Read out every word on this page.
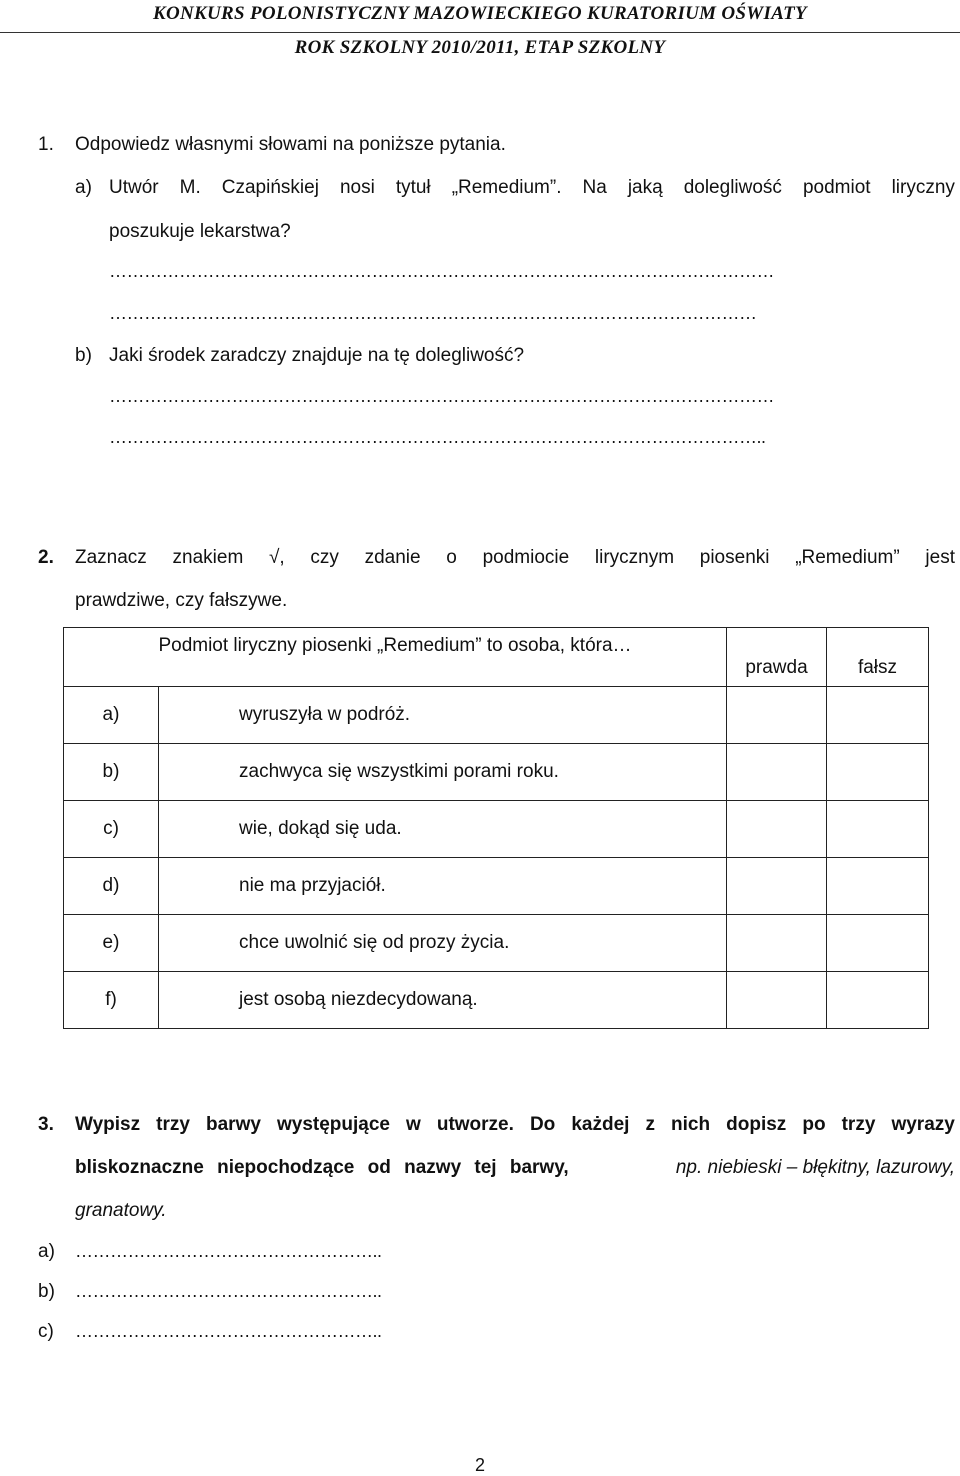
KONKURS POLONISTYCZNY MAZOWIECKIEGO KURATORIUM OŚWIATY
ROK SZKOLNY 2010/2011, ETAP SZKOLNY
1. Odpowiedz własnymi słowami na poniższe pytania.
a) Utwór M. Czapińskiej nosi tytuł „Remedium”. Na jaką dolegliwość podmiot liryczny
poszukuje lekarstwa?
……………………………………………………………………………………………………
…………………………………………………………………………………………………
b) Jaki środek zaradczy znajduje na tę dolegliwość?
……………………………………………………………………………………………………
…………………………………………………………………………………………………..
2. Zaznacz znakiem √, czy zdanie o podmiocie lirycznym piosenki „Remedium” jest
prawdziwe, czy fałszywe.
Podmiot liryczny piosenki „Remedium” to osoba, która…		prawda	fałsz

a)	wyruszyła w podróż.		
b)	zachwyca się wszystkimi porami roku.		
c)	wie, dokąd się uda.		
d)	nie ma przyjaciół.		
e)	chce uwolnić się od prozy życia.		
f)	jest osobą niezdecydowaną.		
3. Wypisz trzy barwy występujące w utworze. Do każdej z nich dopisz po trzy wyrazy
bliskoznaczne niepochodzące od nazwy tej barwy,	np. niebieski – błękitny, lazurowy,
granatowy.
a) ……………………………………………..
b) ……………………………………………..
c) ……………………………………………..
2
